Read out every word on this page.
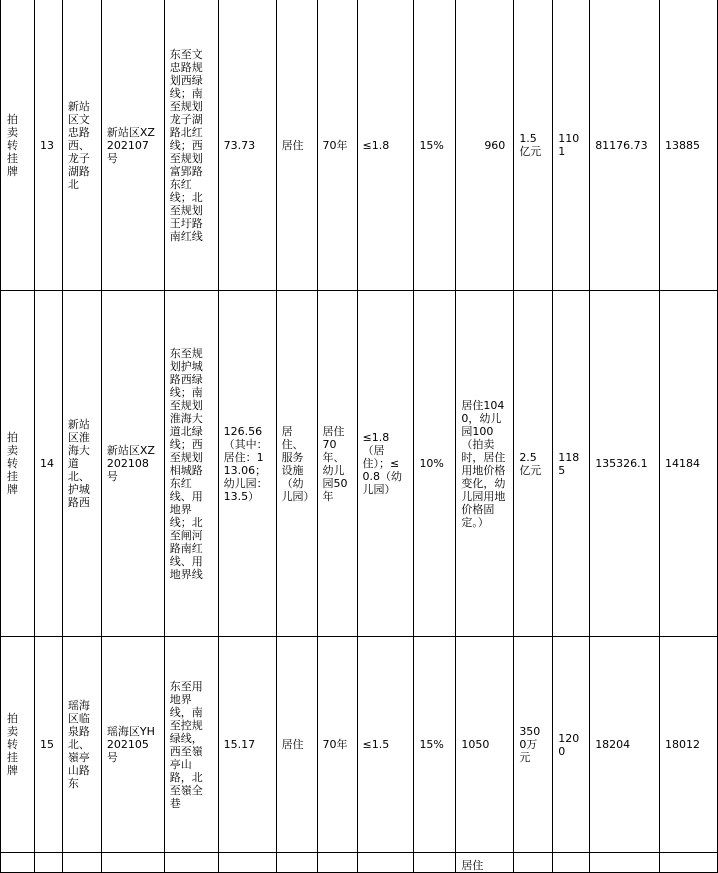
拍卖转挂牌	13	新站区文忠路西、龙子湖路北	新站区XZ202107号	东至文忠路规划西绿线；南至规划龙子湖路北红线；西至规划富郢路东红线；北至规划王圩路南红线	73.73	居住	70年	≤1.8	15%	960	1.5亿元	1101	81176.73	13885

拍卖转挂牌	14	新站区淮海大道北、护城路西	新站区XZ202108号	东至规划护城路西绿线；南至规划淮海大道北绿线；西至规划相城路东红线、用地界线；北至闸河路南红线、用地界线	126.56（其中：居住：113.06；幼儿园：13.5）	居住、服务设施（幼儿园）	居住70年、幼儿园50年	≤1.8（居住）；≤0.8（幼儿园）	10%	居住1040，幼儿园100（拍卖时，居住用地价格变化，幼儿园用地价格固定。）	2.5亿元	1185	135326.1	14184

拍卖转挂牌	15	瑶海区临泉路北、嶺亭山路东	瑶海区YH202105号	东至用地界线，南至控规绿线，西至嶺亭山路，北至嶺全巷	15.17	居住	70年	≤1.5	15%	1050	3500万元	1200	18204	18012

										居住				
